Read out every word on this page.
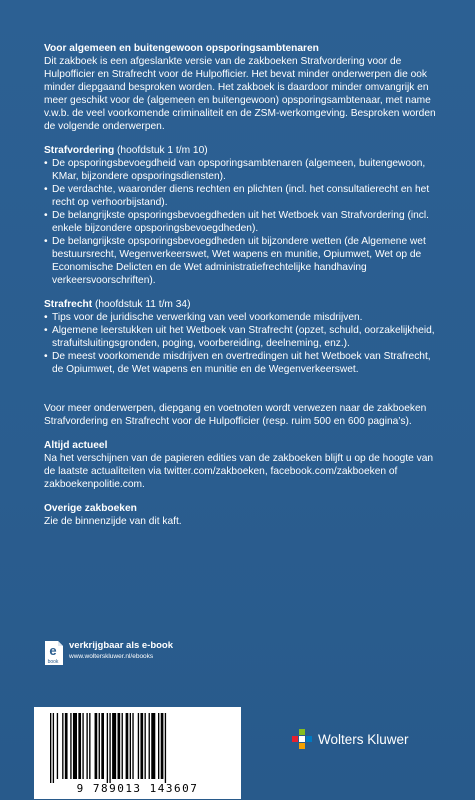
Voor algemeen en buitengewoon opsporingsambtenaren

Dit zakboek is een afgeslankte versie van de zakboeken Strafvordering voor de Hulpofficier en Strafrecht voor de Hulpofficier. Het bevat minder onderwerpen die ook minder diepgaand besproken worden. Het zakboek is daardoor minder omvangrijk en meer geschikt voor de (algemeen en buitengewoon) opsporingsambtenaar, met name v.w.b. de veel voorkomende criminaliteit en de ZSM-werkomgeving. Besproken worden de volgende onderwerpen.

Strafvordering (hoofdstuk 1 t/m 10)
• De opsporingsbevoegdheid van opsporingsambtenaren (algemeen, buitengewoon, KMar, bijzondere opsporingsdiensten).
• De verdachte, waaronder diens rechten en plichten (incl. het consultatierecht en het recht op verhoorbijstand).
• De belangrijkste opsporingsbevoegdheden uit het Wetboek van Strafvordering (incl. enkele bijzondere opsporingsbevoegdheden).
• De belangrijkste opsporingsbevoegdheden uit bijzondere wetten (de Algemene wet bestuursrecht, Wegenverkeerswet, Wet wapens en munitie, Opiumwet, Wet op de Economische Delicten en de Wet administratiefrechtelijke handhaving verkeersvoorschriften).
Strafrecht (hoofdstuk 11 t/m 34)
• Tips voor de juridische verwerking van veel voorkomende misdrijven.
• Algemene leerstukken uit het Wetboek van Strafrecht (opzet, schuld, oorzakelijkheid, strafuitsluitingsgronden, poging, voorbereiding, deelneming, enz.).
• De meest voorkomende misdrijven en overtredingen uit het Wetboek van Strafrecht, de Opiumwet, de Wet wapens en munitie en de Wegenverkeerswet.

Voor meer onderwerpen, diepgang en voetnoten wordt verwezen naar de zakboeken Strafvordering en Strafrecht voor de Hulpofficier (resp. ruim 500 en 600 pagina’s).

Altijd actueel

Na het verschijnen van de papieren edities van de zakboeken blijft u op de hoogte van de laatste actualiteiten via twitter.com/zakboeken, facebook.com/zakboeken of zakboekenpolitie.com.

Overige zakboeken

Zie de binnenzijde van dit kaft.

e
book
verkrijgbaar als e-book
www.wolterskluwer.nl/ebooks
9 789013 143607
Wolters Kluwer
